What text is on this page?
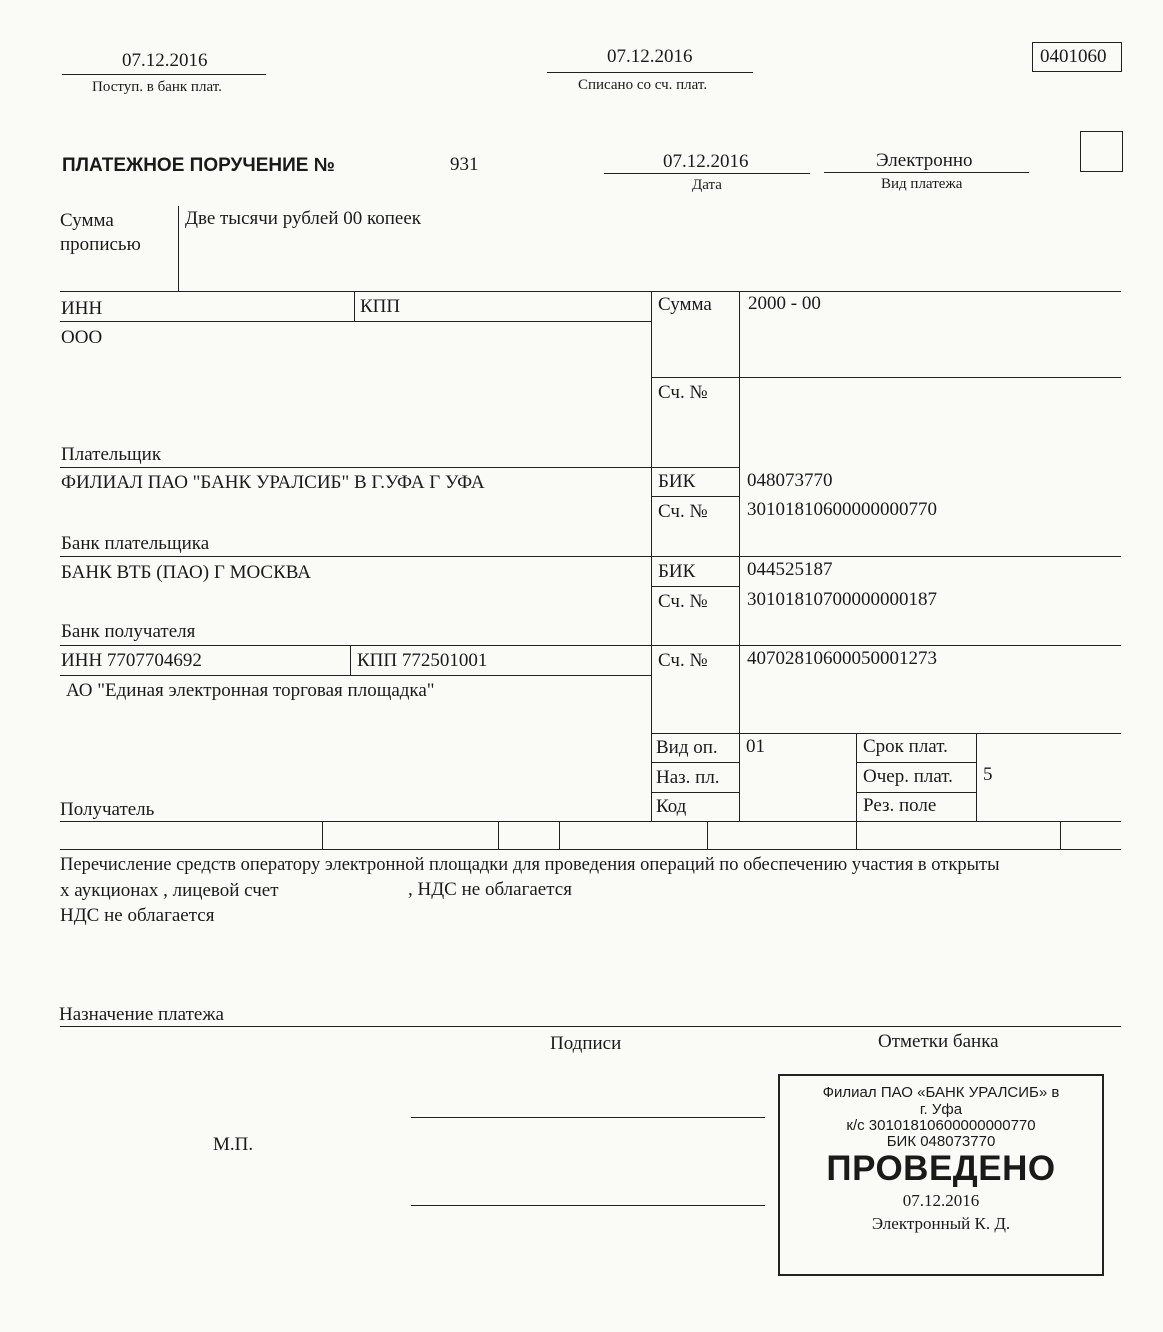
07.12.2016
Поступ. в банк плат.
07.12.2016
Списано со сч. плат.
0401060
ПЛАТЕЖНОЕ ПОРУЧЕНИЕ №	931	07.12.2016
Дата
Электронно
Вид платежа
Сумма
прописью
Две тысячи рублей 00 копеек
ИНН	КПП
ООО
Сумма 2000 - 00
Сч. №
Плательщик
ФИЛИАЛ ПАО "БАНК УРАЛСИБ" В Г.УФА Г УФА	БИК	048073770
Сч. № 30101810600000000770
Банк плательщика
БАНК ВТБ (ПАО) Г МОСКВА	БИК	044525187
Сч. № 30101810700000000187
Банк получателя
ИНН 7707704692	КПП 772501001
АО "Единая электронная торговая площадка"
Сч. № 40702810600050001273
Вид оп. 01
Наз. пл.
Код
Срок плат.
Очер. плат. 5
Рез. поле
Получатель
Перечисление средств оператору электронной площадки для проведения операций по обеспечению участия в открыты
х аукционах , лицевой счет	, НДС не облагается
НДС не облагается
Назначение платежа
Подписи	Отметки банка
М.П.
Филиал ПАО «БАНК УРАЛСИБ» в
г. Уфа
к/с 30101810600000000770
БИК 048073770
ПРОВЕДЕНО
07.12.2016
Электронный К. Д.
